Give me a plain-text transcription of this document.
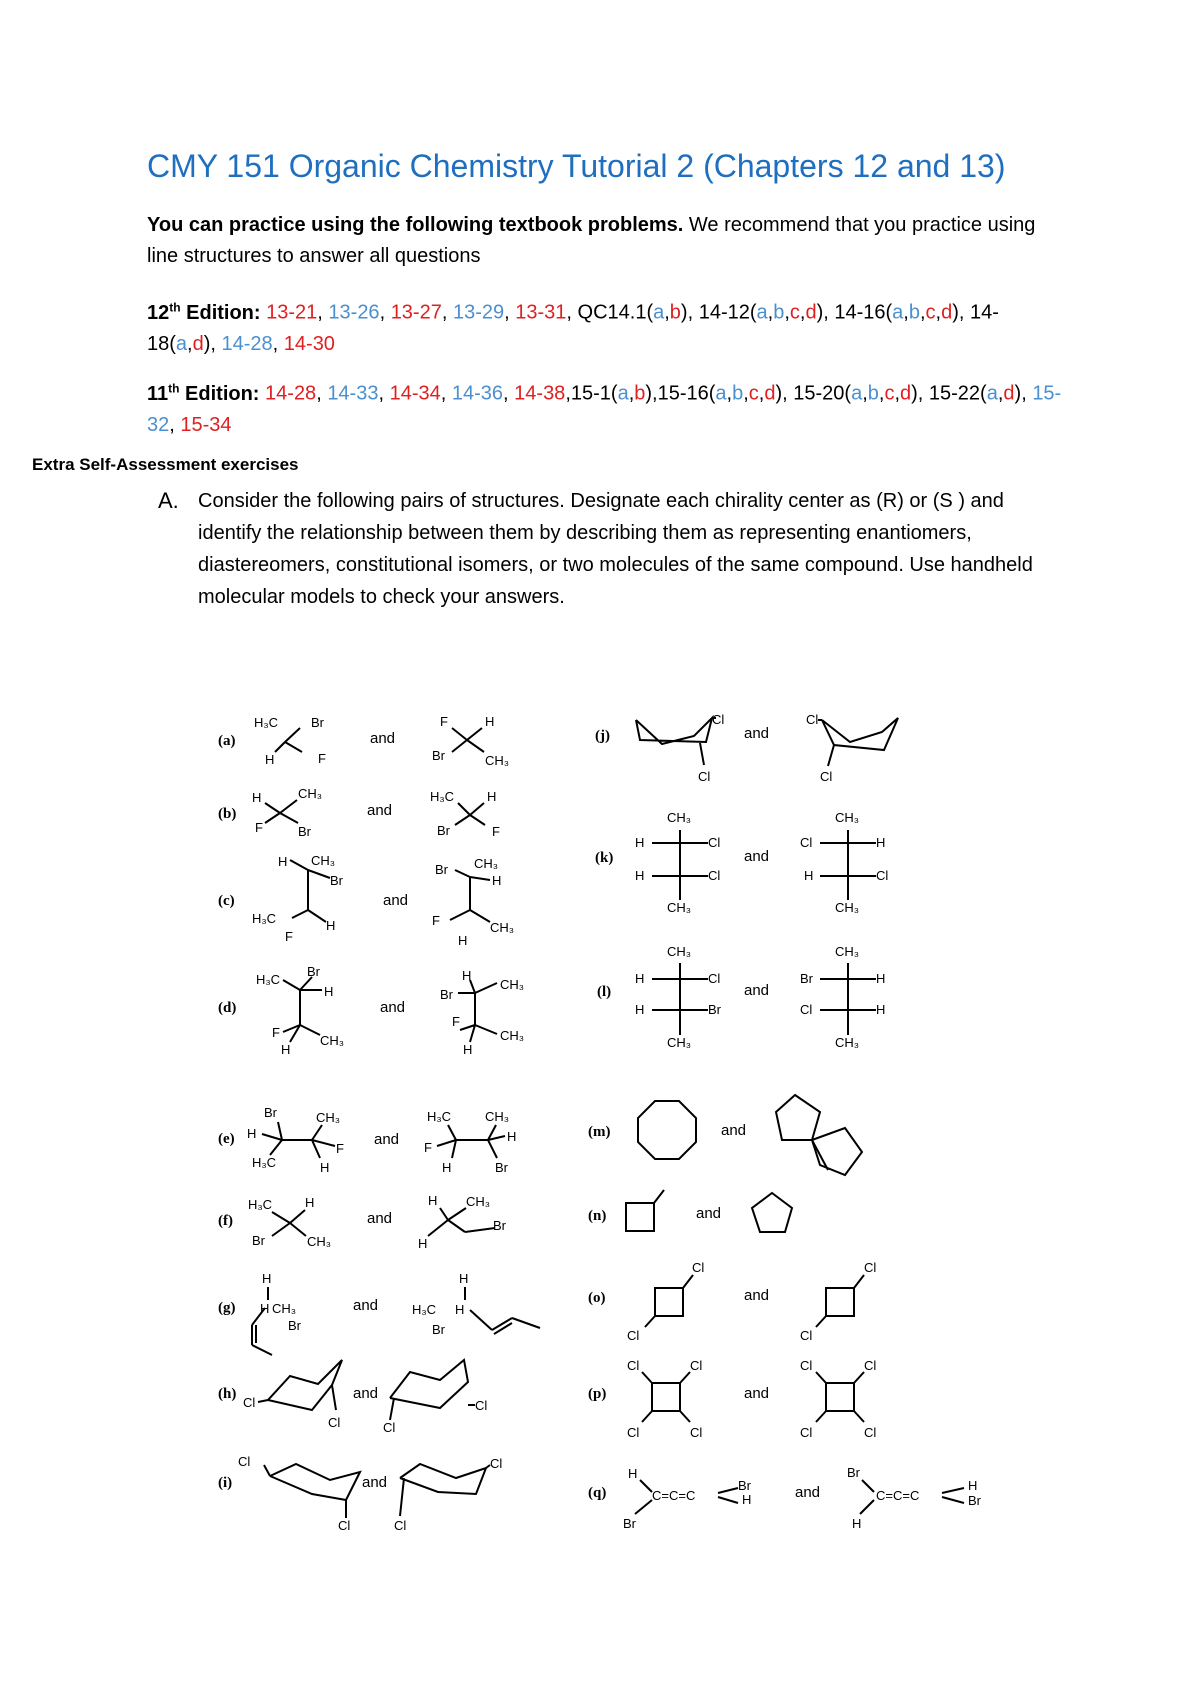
CMY 151 Organic Chemistry Tutorial 2 (Chapters 12 and 13)
You can practice using the following textbook problems. We recommend that you practice using line structures to answer all questions
12th Edition: 13-21, 13-26, 13-27, 13-29, 13-31, QC14.1(a,b), 14-12(a,b,c,d), 14-16(a,b,c,d), 14-18(a,d), 14-28, 14-30
11th Edition: 14-28, 14-33, 14-34, 14-36, 14-38,15-1(a,b),15-16(a,b,c,d), 15-20(a,b,c,d), 15-22(a,d), 15-32, 15-34
Extra Self-Assessment exercises
A. Consider the following pairs of structures. Designate each chirality center as (R) or (S ) and identify the relationship between them by describing them as representing enantiomers, diastereomers, constitutional isomers, or two molecules of the same compound. Use handheld molecular models to check your answers.
(a)
(b)
(c)
(d)
(e)
(f)
(g)
(h)
(i)
(j)
(k)
(l)
(m)
(n)
(o)
(p)
(q)
and
and
and
and
and
and
and
and
and
and
and
and
and
and
and
and
and
H₃C	Br
H	F
F	H
Br	CH₃
H	CH₃
F	Br
H₃C	H
Br	F
H CH₃
Br
H₃C
F
H
Br CH₃
H
F
H
CH₃
H₃C
Br
H
F
H
CH₃
H
CH₃
Br
F
H
CH₃
Br
H
H₃C
CH₃
F
H
H₃C	CH₃
F
H
H	Br
H₃C	H
Br	CH₃
H CH₃
H
Br
H
H CH₃
Br
H
H₃C H
Br
Cl
Cl
Cl
Cl
Cl
Cl
Cl
Cl
Cl
Cl
Cl
Cl
CH₃
H	Cl
H	Cl
CH₃
CH₃
Cl	H
H	Cl
CH₃
CH₃
H	Cl
H	Br
CH₃
CH₃
Br	H
Cl	H
CH₃
Cl
Cl
Cl
Cl
Cl	Cl
Cl	Cl
Cl	Cl
Cl	Cl
H
C=C=C
Br
H
Br
Br
C=C=C
H
Br
H
